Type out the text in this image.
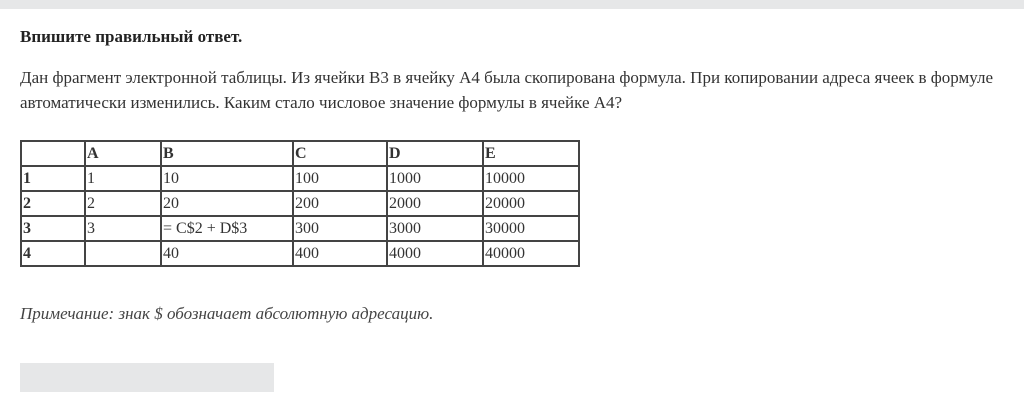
Впишите правильный ответ.

Дан фрагмент электронной таблицы. Из ячейки B3 в ячейку A4 была скопирована формула. При копировании адреса ячеек в формуле автоматически изменились. Каким стало числовое значение формулы в ячейке A4?

	A	B	C	D	E
1	1	10	100	1000	10000
2	2	20	200	2000	20000
3	3	= C$2 + D$3	300	3000	30000
4		40	400	4000	40000

Примечание: знак $ обозначает абсолютную адресацию.
